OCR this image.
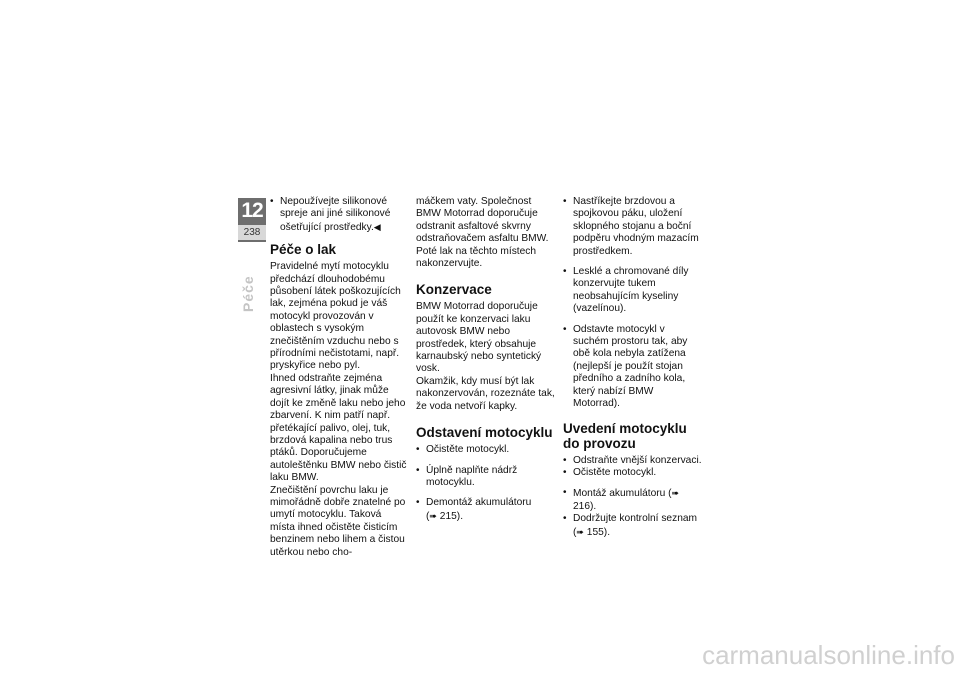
12
238
Péče
• Nepoužívejte silikonové spreje ani jiné silikonové ošetřující prostředky.◀
Péče o lak

Pravidelné mytí motocyklu předchází dlouhodobému působení látek poškozujících lak, zejména pokud je váš motocykl provozován v oblastech s vysokým znečištěním vzduchu nebo s přírodními nečistotami, např. pryskyřice nebo pyl.

Ihned odstraňte zejména agresivní látky, jinak může dojít ke změně laku nebo jeho zbarvení. K nim patří např. přetékající palivo, olej, tuk, brzdová kapalina nebo trus ptáků. Doporučujeme autoleštěnku BMW nebo čistič laku BMW.

Znečištění povrchu laku je mimořádně dobře znatelné po umytí motocyklu. Taková místa ihned očistěte čisticím benzinem nebo lihem a čistou utěrkou nebo cho-

máčkem vaty. Společnost BMW Motorrad doporučuje odstranit asfaltové skvrny odstraňovačem asfaltu BMW. Poté lak na těchto místech nakonzervujte.

Konzervace

BMW Motorrad doporučuje použít ke konzervaci laku autovosk BMW nebo prostředek, který obsahuje karnaubský nebo syntetický vosk.

Okamžik, kdy musí být lak nakonzervován, rozeznáte tak, že voda netvoří kapky.

Odstavení motocyklu
• Očistěte motocykl.
• Úplně naplňte nádrž motocyklu.
• Demontáž akumulátoru
(➠ 215).
• Nastříkejte brzdovou a spojkovou páku, uložení sklopného stojanu a boční podpěru vhodným mazacím prostředkem.
• Lesklé a chromované díly konzervujte tukem neobsahujícím kyseliny (vazelínou).
• Odstavte motocykl v suchém prostoru tak, aby obě kola nebyla zatížena (nejlepší je použít stojan předního a zadního kola, který nabízí BMW Motorrad).
Uvedení motocyklu do provozu
• Odstraňte vnější konzervaci.
• Očistěte motocykl.
• Montáž akumulátoru (➠ 216).
• Dodržujte kontrolní seznam
(➠ 155).
carmanualsonline.info
